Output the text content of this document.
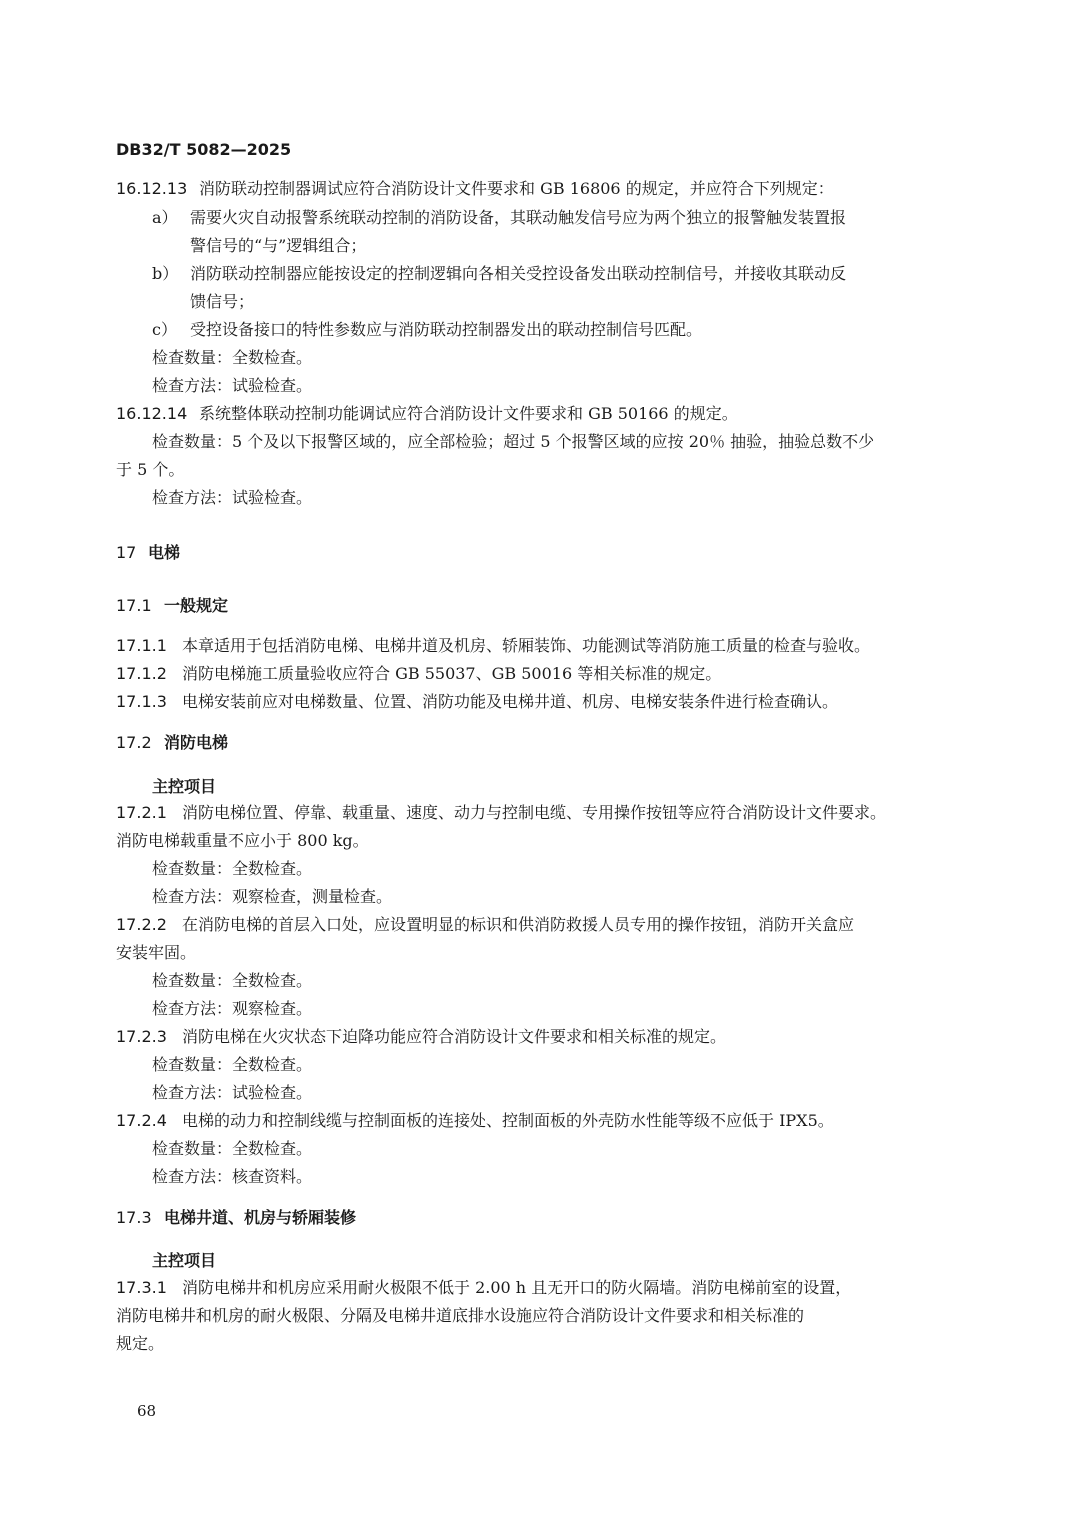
DB32/T 5082—2025
16.12.13 消防联动控制器调试应符合消防设计文件要求和 GB 16806 的规定，并应符合下列规定：
a） 需要火灾自动报警系统联动控制的消防设备，其联动触发信号应为两个独立的报警触发装置报
警信号的“与”逻辑组合；
b） 消防联动控制器应能按设定的控制逻辑向各相关受控设备发出联动控制信号，并接收其联动反
馈信号；
c） 受控设备接口的特性参数应与消防联动控制器发出的联动控制信号匹配。
检查数量：全数检查。
检查方法：试验检查。
16.12.14 系统整体联动控制功能调试应符合消防设计文件要求和 GB 50166 的规定。
检查数量：5 个及以下报警区域的，应全部检验；超过 5 个报警区域的应按 20％ 抽验，抽验总数不少
于 5 个。
检查方法：试验检查。
17 电梯
17.1 一般规定
17.1.1 本章适用于包括消防电梯、电梯井道及机房、轿厢装饰、功能测试等消防施工质量的检查与验收。
17.1.2 消防电梯施工质量验收应符合 GB 55037、GB 50016 等相关标准的规定。
17.1.3 电梯安装前应对电梯数量、位置、消防功能及电梯井道、机房、电梯安装条件进行检查确认。
17.2 消防电梯
主控项目
17.2.1 消防电梯位置、停靠、载重量、速度、动力与控制电缆、专用操作按钮等应符合消防设计文件要求。
消防电梯载重量不应小于 800 kg。
检查数量：全数检查。
检查方法：观察检查，测量检查。
17.2.2 在消防电梯的首层入口处，应设置明显的标识和供消防救援人员专用的操作按钮，消防开关盒应
安装牢固。
检查数量：全数检查。
检查方法：观察检查。
17.2.3 消防电梯在火灾状态下迫降功能应符合消防设计文件要求和相关标准的规定。
检查数量：全数检查。
检查方法：试验检查。
17.2.4 电梯的动力和控制线缆与控制面板的连接处、控制面板的外壳防水性能等级不应低于 IPX5。
检查数量：全数检查。
检查方法：核查资料。
17.3 电梯井道、机房与轿厢装修
主控项目
17.3.1 消防电梯井和机房应采用耐火极限不低于 2.00 h 且无开口的防火隔墙。消防电梯前室的设置，
消防电梯井和机房的耐火极限、分隔及电梯井道底排水设施应符合消防设计文件要求和相关标准的
规定。
68
